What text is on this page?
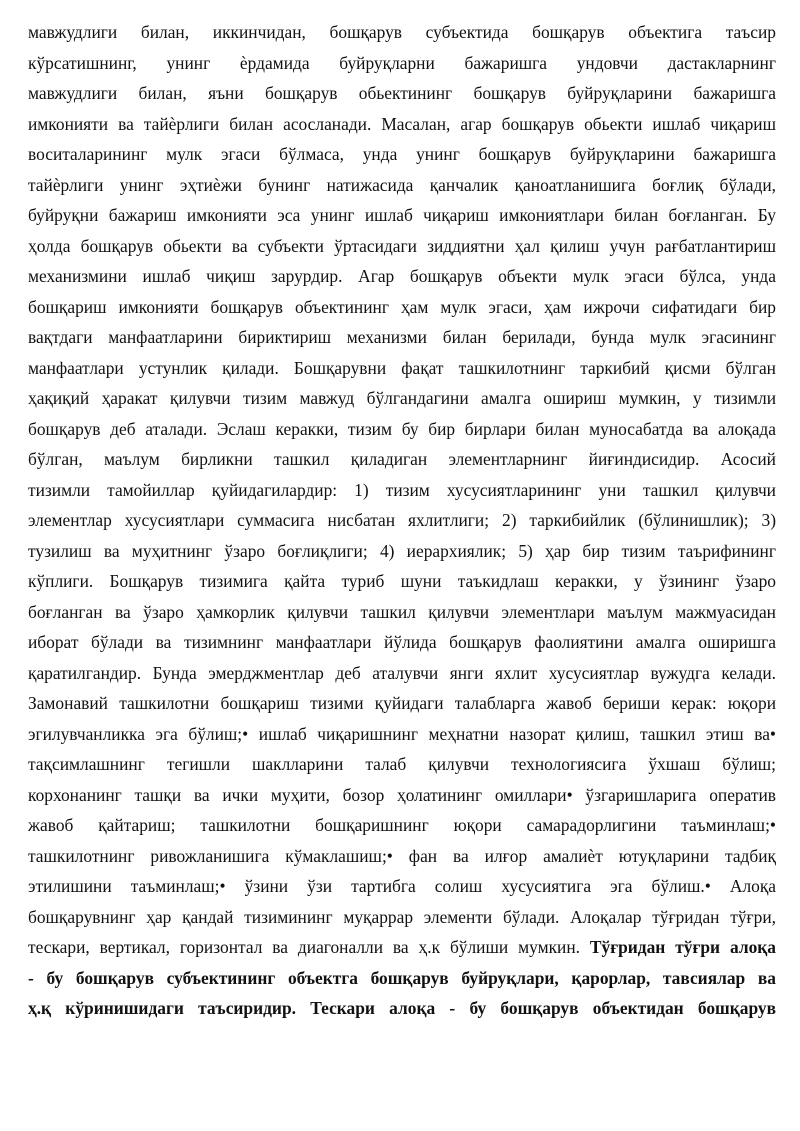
мавжудлиги билан, иккинчидан, бошқарув субъектида бошқарув объектига таъсир
кўрсатишнинг, унинг ѐрдамида буйруқларни бажаришга ундовчи дастакларнинг
мавжудлиги билан, яъни бошқарув обьектининг бошқарув буйруқларини бажаришга
имконияти ва тайѐрлиги билан асосланади. Масалан, агар бошқарув обьекти ишлаб чиқариш
воситаларининг мулк эгаси бўлмаса, унда унинг бошқарув буйруқларини бажаришга
тайѐрлиги унинг эҳтиѐжи бунинг натижасида қанчалик қаноатланишига боғлиқ бўлади,
буйруқни бажариш имконияти эса унинг ишлаб чиқариш имкониятлари билан боғланган. Бу
ҳолда бошқарув обьекти ва субъекти ўртасидаги зиддиятни ҳал қилиш учун рағбатлантириш
механизмини ишлаб чиқиш зарурдир. Агар бошқарув объекти мулк эгаси бўлса, унда
бошқариш имконияти бошқарув объектининг ҳам мулк эгаси, ҳам ижрочи сифатидаги бир
вақтдаги манфаатларини бириктириш механизми билан берилади, бунда мулк эгасининг
манфаатлари устунлик қилади. Бошқарувни фақат ташкилотнинг таркибий қисми бўлган
ҳақиқий ҳаракат қилувчи тизим мавжуд бўлгандагини амалга ошириш мумкин, у тизимли
бошқарув деб аталади. Эслаш керакки, тизим бу бир бирлари билан муносабатда ва алоқада
бўлган, маълум бирликни ташкил қиладиган элементларнинг йиғиндисидир. Асосий
тизимли тамойиллар қуйидагилардир: 1) тизим хусусиятларининг уни ташкил қилувчи
элементлар хусусиятлари суммасига нисбатан яхлитлиги; 2) таркибийлик (бўлинишлик); 3)
тузилиш ва муҳитнинг ўзаро боғлиқлиги; 4) иерархиялик; 5) ҳар бир тизим таърифининг
кўплиги. Бошқарув тизимига қайта туриб шуни таъкидлаш керакки, у ўзининг ўзаро
боғланган ва ўзаро ҳамкорлик қилувчи ташкил қилувчи элементлари маълум мажмуасидан
иборат бўлади ва тизимнинг манфаатлари йўлида бошқарув фаолиятини амалга оширишга
қаратилгандир. Бунда эмерджментлар деб аталувчи янги яхлит хусусиятлар вужудга келади.
Замонавий ташкилотни бошқариш тизими қуйидаги талабларга жавоб бериши керак: юқори
эгилувчанликка эга бўлиш;• ишлаб чиқаришнинг меҳнатни назорат қилиш, ташкил этиш ва•
тақсимлашнинг тегишли шаклларини талаб қилувчи технологиясига ўхшаш бўлиш;
корхонанинг ташқи ва ички муҳити, бозор ҳолатининг омиллари• ўзгаришларига оператив
жавоб қайтариш; ташкилотни бошқаришнинг юқори самарадорлигини таъминлаш;•
ташкилотнинг ривожланишига кўмаклашиш;• фан ва илғор амалиѐт ютуқларини тадбиқ
этилишини таъминлаш;• ўзини ўзи тартибга солиш хусусиятига эга бўлиш.• Алоқа
бошқарувнинг ҳар қандай тизимининг муқаррар элементи бўлади. Алоқалар тўғридан тўғри,
тескари, вертикал, горизонтал ва диагоналли ва ҳ.к бўлиши мумкин. Тўғридан тўғри алоқа
- бу бошқарув субъектининг объектга бошқарув буйруқлари, қарорлар, тавсиялар ва
ҳ.қ кўринишидаги таъсиридир. Тескари алоқа - бу бошқарув объектидан бошқарув
